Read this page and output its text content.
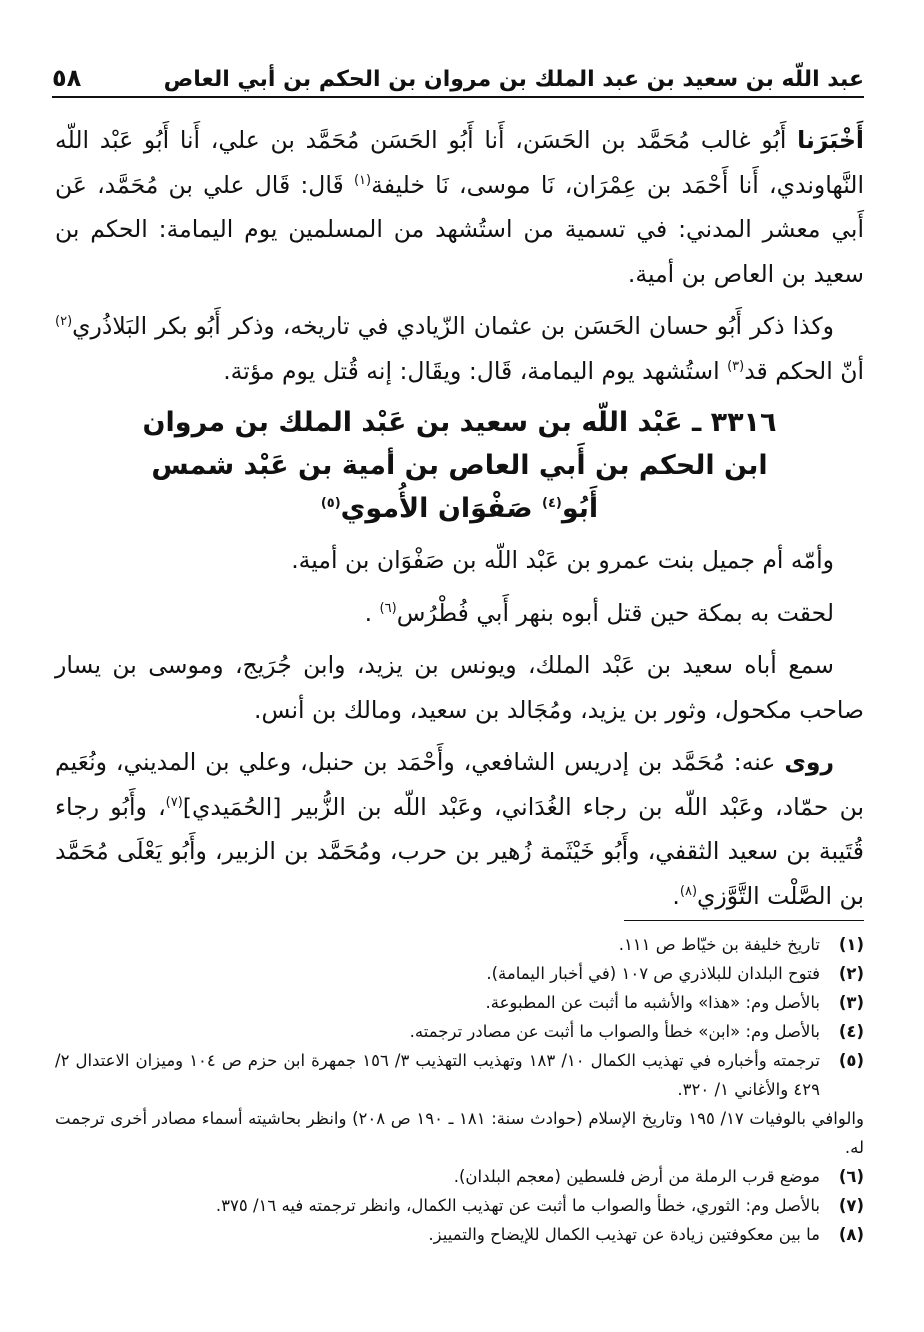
عبد اللّه بن سعيد بن عبد الملك بن مروان بن الحكم بن أبي العاص
٥٨

أَخْبَرَنا أَبُو غالب مُحَمَّد بن الحَسَن، أَنا أَبُو الحَسَن مُحَمَّد بن علي، أَنا أَبُو عَبْد اللّه النَّهاوندي، أَنا أَحْمَد بن عِمْرَان، نَا موسى، نَا خليفة$^{(١)}$ قَال: قَال علي بن مُحَمَّد، عَن أَبي معشر المدني: في تسمية من استُشهد من المسلمين يوم اليمامة: الحكم بن سعيد بن العاص بن أمية.

وكذا ذكر أَبُو حسان الحَسَن بن عثمان الزّيادي في تاريخه، وذكر أَبُو بكر البَلاذُري$^{(٢)}$ أنّ الحكم قد$^{(٣)}$ استُشهد يوم اليمامة، قَال: ويقَال: إنه قُتل يوم مؤتة.

٣٣١٦ ـ عَبْد اللّه بن سعيد بن عَبْد الملك بن مروان
ابن الحكم بن أَبي العاص بن أمية بن عَبْد شمس
أَبُو$^{(٤)}$ صَفْوَان الأُموي$^{(٥)}$

وأمّه أم جميل بنت عمرو بن عَبْد اللّه بن صَفْوَان بن أمية.

لحقت به بمكة حين قتل أبوه بنهر أَبي فُطْرُس$^{(٦)}$ .

سمع أباه سعيد بن عَبْد الملك، ويونس بن يزيد، وابن جُرَيج، وموسى بن يسار صاحب مكحول، وثور بن يزيد، ومُجَالد بن سعيد، ومالك بن أنس.

روى عنه: مُحَمَّد بن إدريس الشافعي، وأَحْمَد بن حنبل، وعلي بن المديني، ونُعَيم بن حمّاد، وعَبْد اللّه بن رجاء الغُدَاني، وعَبْد اللّه بن الزُّبير [الحُمَيدي]$^{(٧)}$، وأَبُو رجاء قُتَيبة بن سعيد الثقفي، وأَبُو خَيْثَمة زُهير بن حرب، ومُحَمَّد بن الزبير، وأَبُو يَعْلَى مُحَمَّد بن الصَّلْت التَّوَّزي$^{(٨)}$.

(١)
تاريخ خليفة بن خيّاط ص ١١١.
(٢)
فتوح البلدان للبلاذري ص ١٠٧ (في أخبار اليمامة).
(٣)
بالأصل وم: «هذا» والأشبه ما أثبت عن المطبوعة.
(٤)
بالأصل وم: «ابن» خطأ والصواب ما أثبت عن مصادر ترجمته.
(٥)
ترجمته وأخباره في تهذيب الكمال ١٠/ ١٨٣ وتهذيب التهذيب ٣/ ١٥٦ جمهرة ابن حزم ص ١٠٤ وميزان الاعتدال ٢/ ٤٢٩ والأغاني ١/ ٣٢٠.
والوافي بالوفيات ١٧/ ١٩٥ وتاريخ الإسلام (حوادث سنة: ١٨١ ـ ١٩٠ ص ٢٠٨) وانظر بحاشيته أسماء مصادر أخرى ترجمت له.
(٦)
موضع قرب الرملة من أرض فلسطين (معجم البلدان).
(٧)
بالأصل وم: الثوري، خطأ والصواب ما أثبت عن تهذيب الكمال، وانظر ترجمته فيه ١٦/ ٣٧٥.
(٨)
ما بين معكوفتين زيادة عن تهذيب الكمال للإيضاح والتمييز.
